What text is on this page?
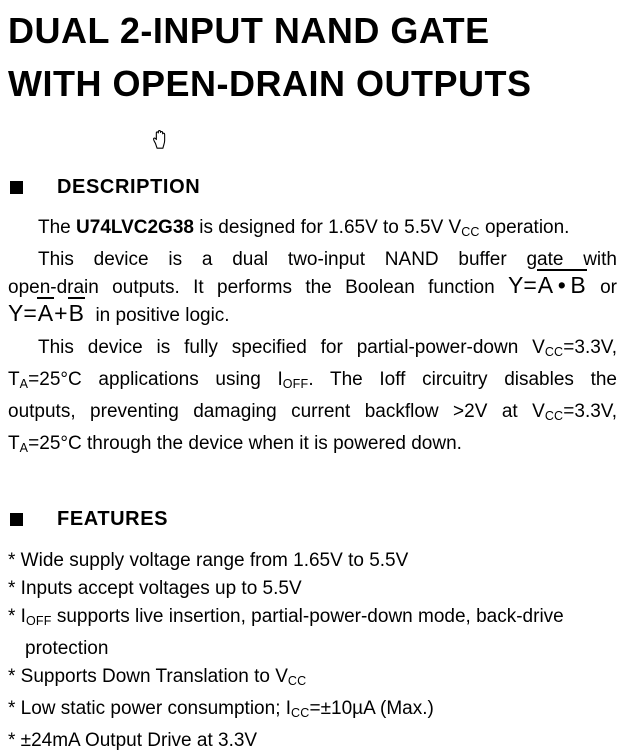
DUAL 2-INPUT NAND GATE
WITH OPEN-DRAIN OUTPUTS
DESCRIPTION
The U74LVC2G38 is designed for 1.65V to 5.5V VCC operation.
This device is a dual two-input NAND buffer gate with
open-drain outputs. It performs the Boolean function Y=A • B or
Y=A+B  in positive logic.
This device is fully specified for partial-power-down VCC=3.3V,
TA=25°C applications using IOFF. The Ioff circuitry disables the
outputs, preventing damaging current backflow >2V at VCC=3.3V,
TA=25°C through the device when it is powered down.
FEATURES
* Wide supply voltage range from 1.65V to 5.5V
* Inputs accept voltages up to 5.5V
* IOFF supports live insertion, partial-power-down mode, back-drive
protection
* Supports Down Translation to VCC
* Low static power consumption; ICC=±10µA (Max.)
* ±24mA Output Drive at 3.3V
